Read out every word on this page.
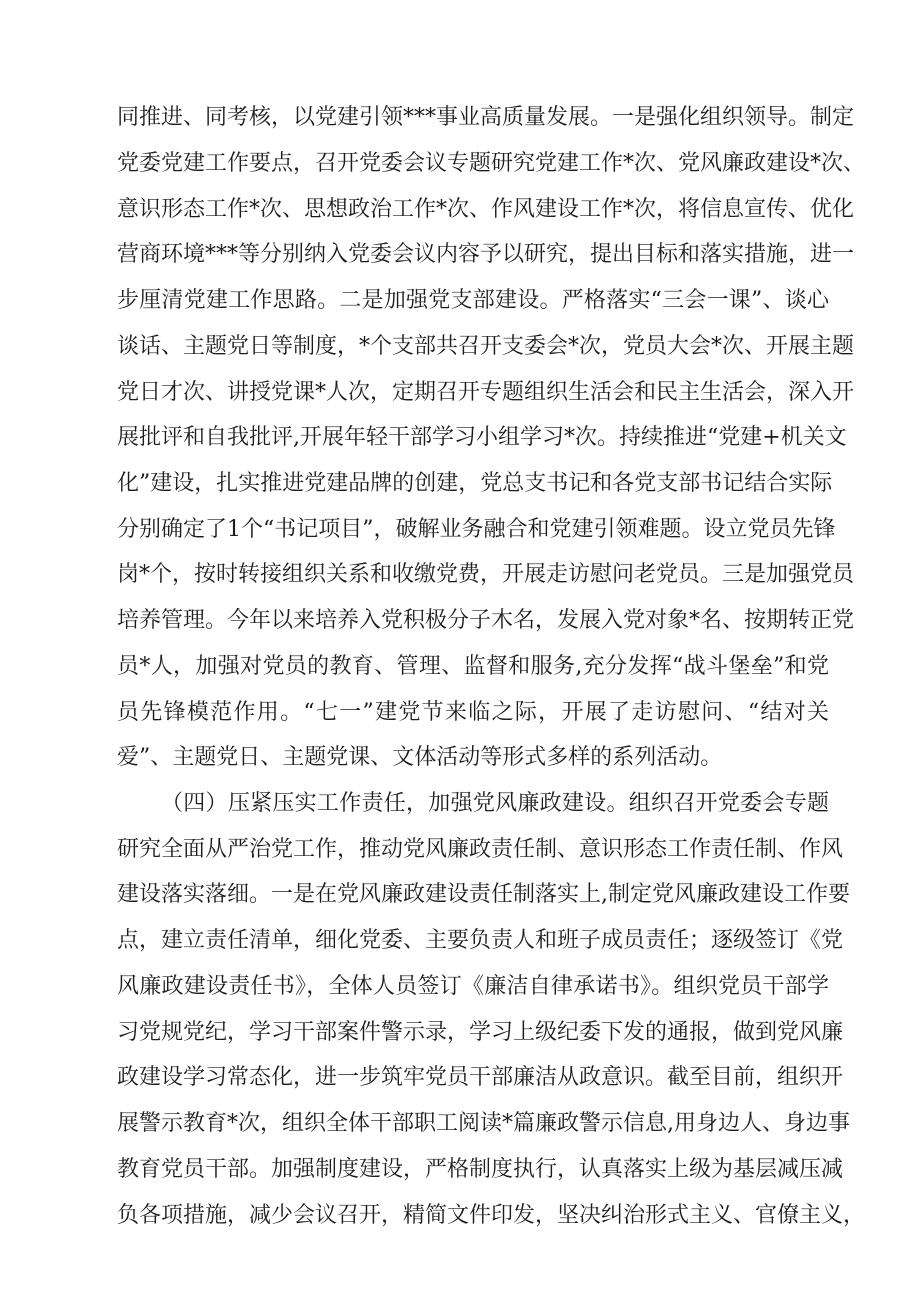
同推进、同考核，以党建引领***事业高质量发展。一是强化组织领导。制定

党委党建工作要点，召开党委会议专题研究党建工作*次、党风廉政建设*次、

意识形态工作*次、思想政治工作*次、作风建设工作*次，将信息宣传、优化

营商环境***等分别纳入党委会议内容予以研究，提出目标和落实措施，进一

步厘清党建工作思路。二是加强党支部建设。严格落实“三会一课”、谈心

谈话、主题党日等制度，*个支部共召开支委会*次，党员大会*次、开展主题

党日才次、讲授党课*人次，定期召开专题组织生活会和民主生活会，深入开

展批评和自我批评,开展年轻干部学习小组学习*次。持续推进“党建+机关文

化”建设，扎实推进党建品牌的创建，党总支书记和各党支部书记结合实际

分别确定了1个“书记项目”，破解业务融合和党建引领难题。设立党员先锋

岗*个，按时转接组织关系和收缴党费，开展走访慰问老党员。三是加强党员

培养管理。今年以来培养入党积极分子木名，发展入党对象*名、按期转正党

员*人，加强对党员的教育、管理、监督和服务,充分发挥“战斗堡垒”和党

员先锋模范作用。“七一”建党节来临之际，开展了走访慰问、“结对关

爱”、主题党日、主题党课、文体活动等形式多样的系列活动。

（四）压紧压实工作责任，加强党风廉政建设。组织召开党委会专题

研究全面从严治党工作，推动党风廉政责任制、意识形态工作责任制、作风

建设落实落细。一是在党风廉政建设责任制落实上,制定党风廉政建设工作要

点，建立责任清单，细化党委、主要负责人和班子成员责任；逐级签订《党

风廉政建设责任书》，全体人员签订《廉洁自律承诺书》。组织党员干部学

习党规党纪，学习干部案件警示录，学习上级纪委下发的通报，做到党风廉

政建设学习常态化，进一步筑牢党员干部廉洁从政意识。截至目前，组织开

展警示教育*次，组织全体干部职工阅读*篇廉政警示信息,用身边人、身边事

教育党员干部。加强制度建设，严格制度执行，认真落实上级为基层减压减

负各项措施，减少会议召开，精简文件印发，坚决纠治形式主义、官僚主义，
